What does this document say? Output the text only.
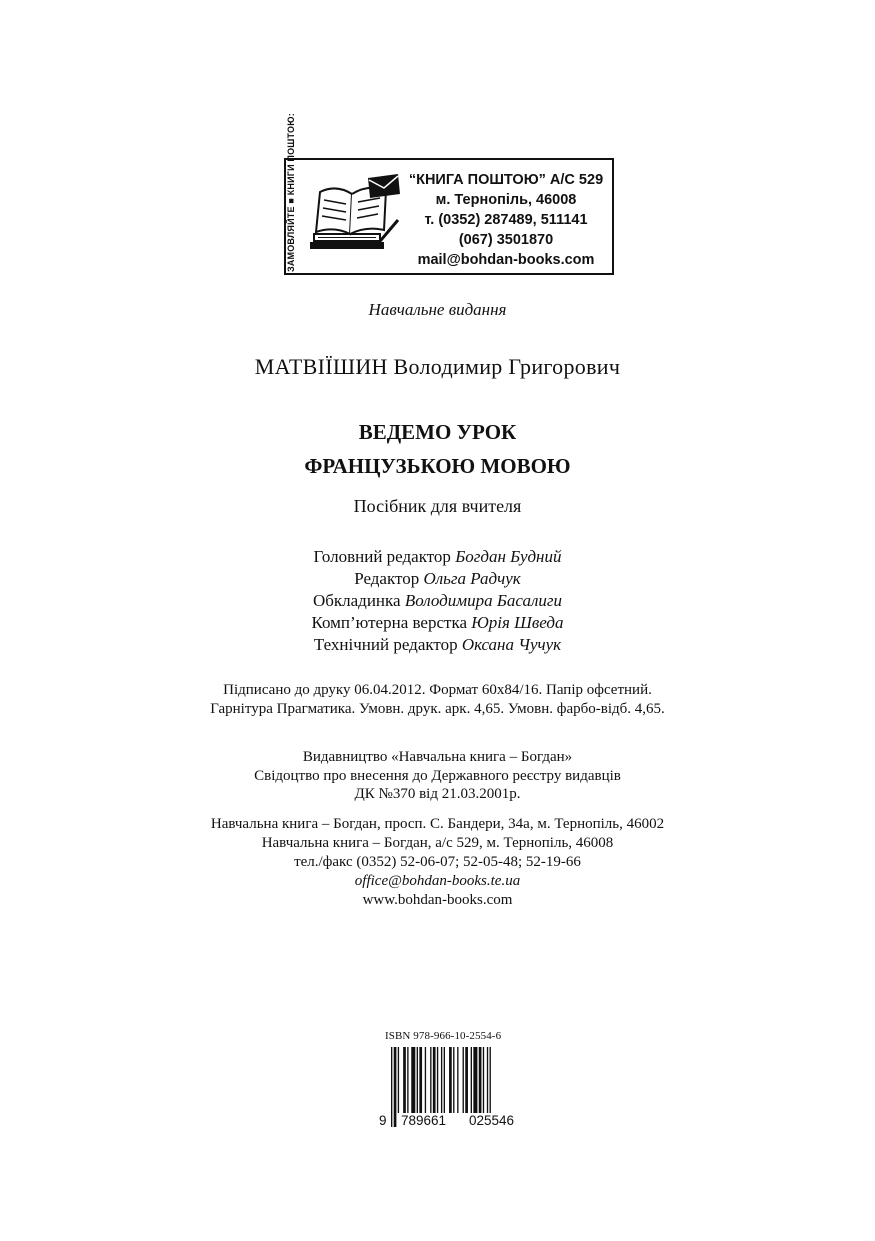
ЗАМОВЛЯЙТЕ ■ КНИГИ ПОШТОЮ:	“КНИГА ПОШТОЮ” А/С 529
м. Тернопіль, 46008
т. (0352) 287489, 511141
(067) 3501870
mail@bohdan-books.com
Навчальне видання
МАТВІЇШИН Володимир Григорович
ВЕДЕМО УРОК
ФРАНЦУЗЬКОЮ МОВОЮ
Посібник для вчителя
Головний редактор Богдан Будний
Редактор Ольга Радчук
Обкладинка Володимира Басалиги
Комп’ютерна верстка Юрія Шведа
Технічний редактор Оксана Чучук
Підписано до друку 06.04.2012. Формат 60х84/16. Папір офсетний.
Гарнітура Прагматика. Умовн. друк. арк. 4,65. Умовн. фарбо-відб. 4,65.
Видавництво «Навчальна книга – Богдан»
Свідоцтво про внесення до Державного реєстру видавців
ДК №370 від 21.03.2001р.
Навчальна книга – Богдан, просп. С. Бандери, 34а, м. Тернопіль, 46002
Навчальна книга – Богдан, а/с 529, м. Тернопіль, 46008
тел./факс (0352) 52-06-07; 52-05-48; 52-19-66
office@bohdan-books.te.ua
www.bohdan-books.com
ISBN 978-966-10-2554-6
9 789661 025546
